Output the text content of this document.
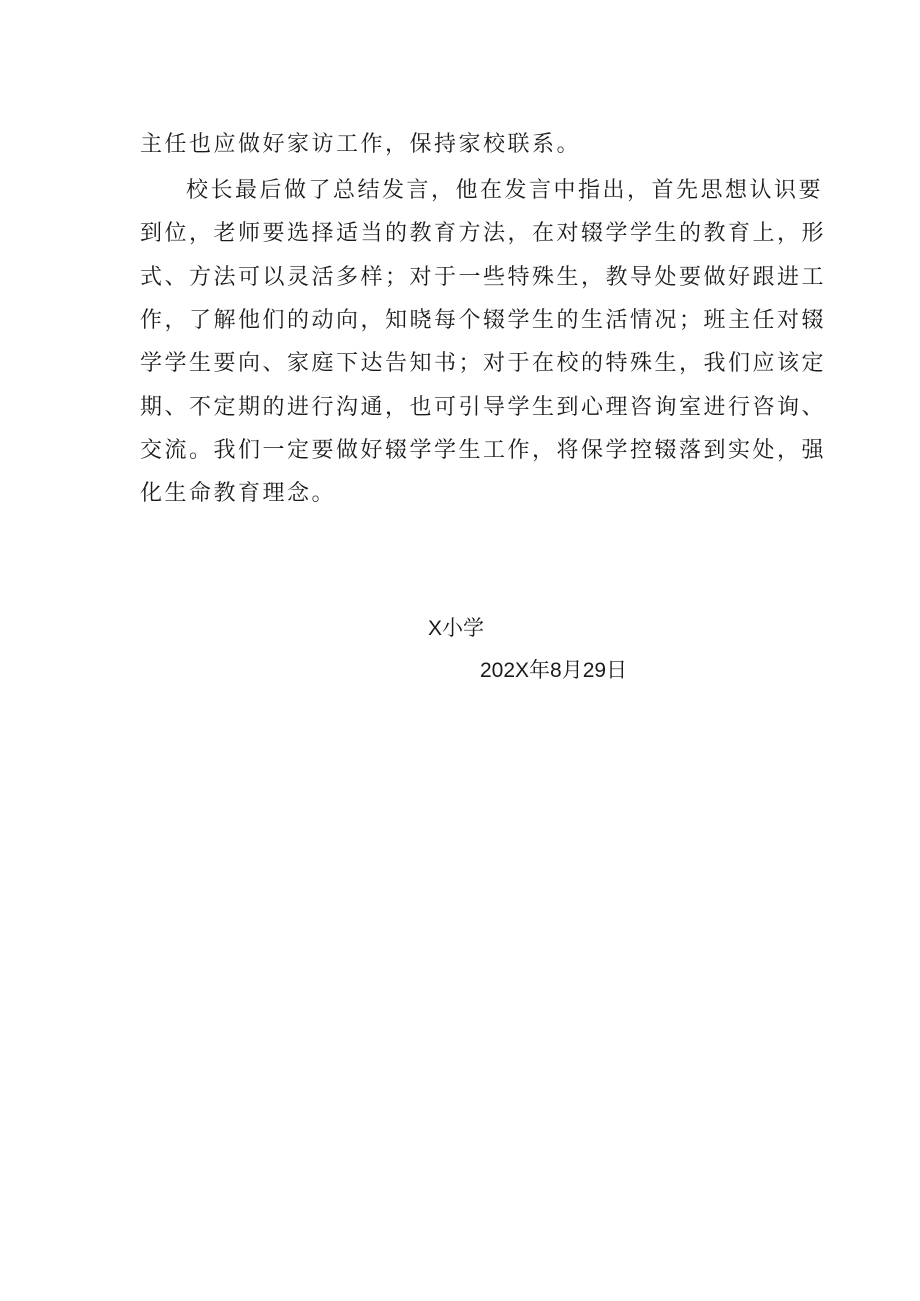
主任也应做好家访工作，保持家校联系。
校长最后做了总结发言，他在发言中指出，首先思想认识要
到位，老师要选择适当的教育方法，在对辍学学生的教育上，形
式、方法可以灵活多样；对于一些特殊生，教导处要做好跟进工
作，了解他们的动向，知晓每个辍学生的生活情况；班主任对辍
学学生要向、家庭下达告知书；对于在校的特殊生，我们应该定
期、不定期的进行沟通，也可引导学生到心理咨询室进行咨询、
交流。我们一定要做好辍学学生工作，将保学控辍落到实处，强
化生命教育理念。
X小学
202X年8月29日
